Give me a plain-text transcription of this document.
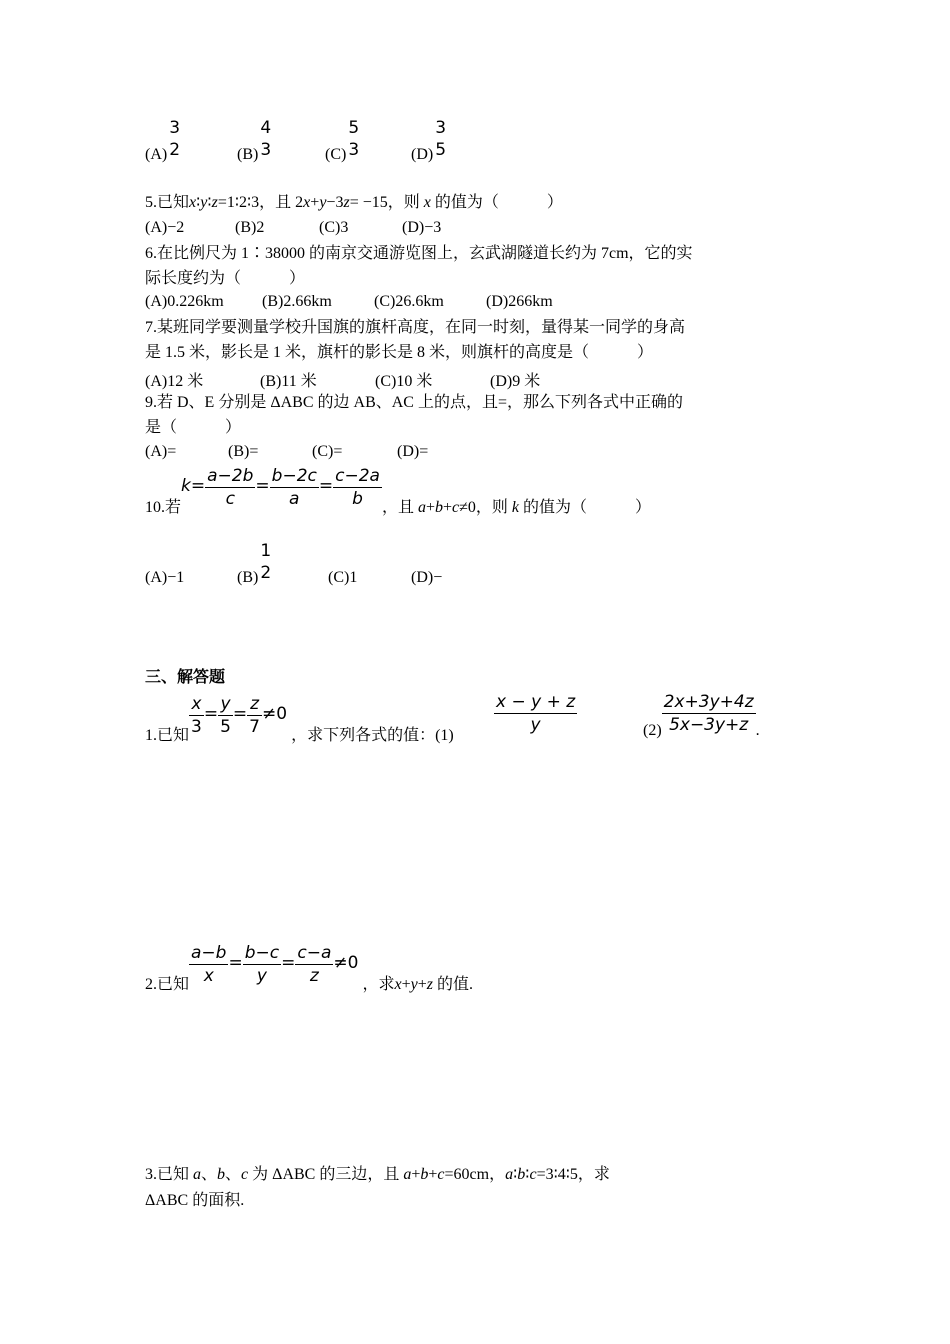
(A)
3
2	(B)
4
3	(C)
5
3	(D)
3
5
5.已知x∶y∶z=1∶2∶3，且 2x+y−3z= −15，则 x 的值为（　　　）
(A)−2	(B)2	(C)3	(D)−3
6.在比例尺为 1∶38000 的南京交通游览图上，玄武湖隧道长约为 7cm，它的实
际长度约为（　　　）
(A)0.226km (B)2.66km	(C)26.6km	(D)266km
7.某班同学要测量学校升国旗的旗杆高度，在同一时刻，量得某一同学的身高
是 1.5 米，影长是 1 米，旗杆的影长是 8 米，则旗杆的高度是（　　　）
(A)12 米	(B)11 米	(C)10 米	(D)9 米
9.若 D、E 分别是 ΔABC 的边 AB、AC 上的点，且=，那么下列各式中正确的
是（　　　）
(A)=	(B)=	(C)=	(D)=
10.若$k= \frac{a-2b}{c} = \frac{b-2c}{a} = \frac{c-2a}{b}$ ，且 a+b+c≠0，则 k 的值为（　　　）
(A)−1	(B)
1
2	(C)1	(D)−
三、解答题
1.已知 $\frac{x}{3} = \frac{y}{5} = \frac{z}{7} \ne 0$，求下列各式的值：(1)
$\frac{x - y + z}{y}$	$(2) \frac{2x+3y+4z}{5x-3y+z}$ .
2.已知 $\frac{a-b}{x} = \frac{b-c}{y} = \frac{c-a}{z} \ne 0$，求x+y+z 的值.
3.已知 a、b、c 为 ΔABC 的三边，且 a+b+c=60cm，a∶b∶c=3∶4∶5，求
ΔABC 的面积.
